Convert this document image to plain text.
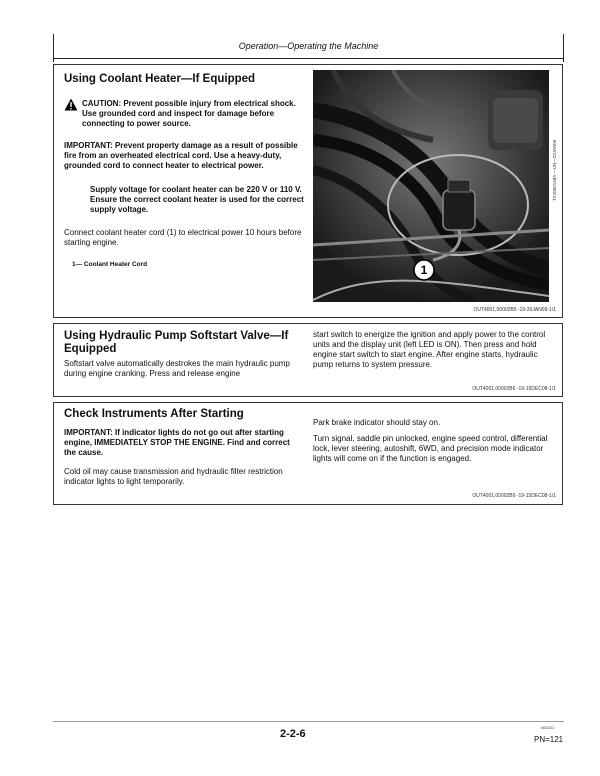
Operation—Operating the Machine
Using Coolant Heater—If Equipped
CAUTION: Prevent possible injury from electrical shock. Use grounded cord and inspect for damage before connecting to power source.
IMPORTANT: Prevent property damage as a result of possible fire from an overheated electrical cord. Use a heavy-duty, grounded cord to connect heater to electrical power.
Supply voltage for coolant heater can be 220 V or 110 V. Ensure the correct coolant heater is used for the correct supply voltage.
Connect coolant heater cord (1) to electrical power 10 hours before starting engine.
1— Coolant Heater Cord	1
TX1055148A —UN—23JAN09
OUT4001,00002B5 -19-30JAN09-1/1
Using Hydraulic Pump Softstart Valve—If Equipped
Softstart valve automatically destrokes the main hydraulic pump during engine cranking. Press and release engine
start switch to energize the ignition and apply power to the control units and the display unit (left LED is ON). Then press and hold engine start switch to start engine. After engine starts, hydraulic pump returns to system pressure.
OUT4001,00002B6 -19-15DEC08-1/1
Check Instruments After Starting
IMPORTANT: If indicator lights do not go out after starting engine, IMMEDIATELY STOP THE ENGINE. Find and correct the cause.
Cold oil may cause transmission and hydraulic filter restriction indicator lights to light temporarily.
Park brake indicator should stay on.
Turn signal, saddle pin unlocked, engine speed control, differential lock, lever steering, autoshift, 6WD, and precision mode indicator lights will come on if the function is engaged.
OUT4001,00002B9 -19-15DEC08-1/1
2-2-6
061021
PN=121
